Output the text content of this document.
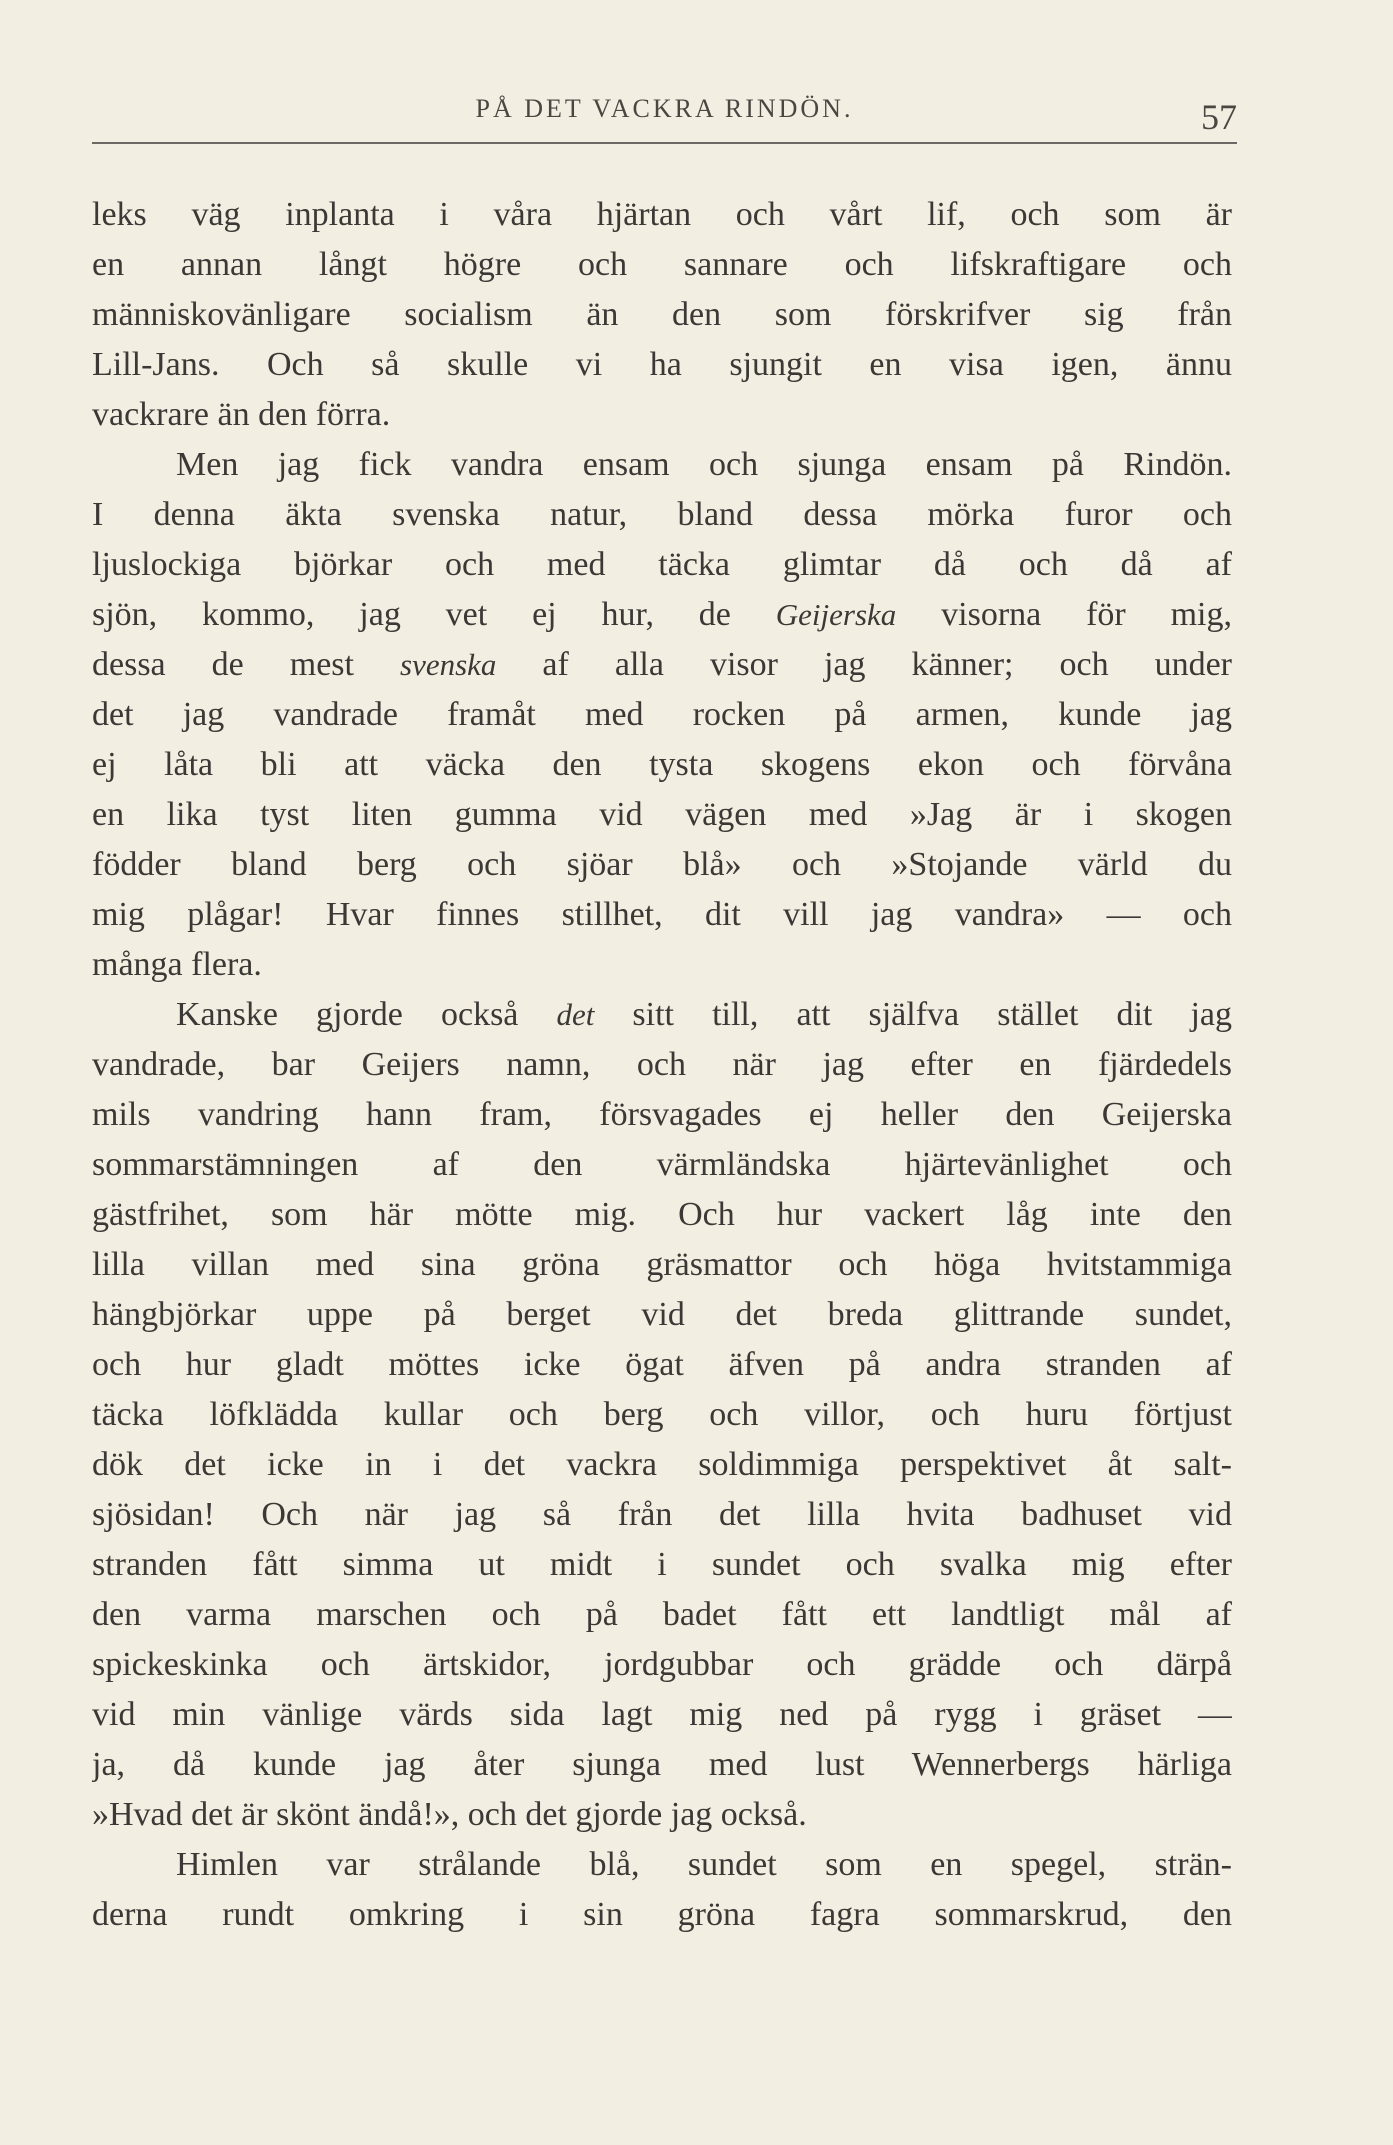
PÅ DET VACKRA RINDÖN.	57
leks väg inplanta i våra hjärtan och vårt lif, och som är
en annan långt högre och sannare och lifskraftigare och
människovänligare socialism än den som förskrifver sig från
Lill-Jans. Och så skulle vi ha sjungit en visa igen, ännu
vackrare än den förra.
Men jag fick vandra ensam och sjunga ensam på Rindön.
I denna äkta svenska natur, bland dessa mörka furor och
ljuslockiga björkar och med täcka glimtar då och då af
sjön, kommo, jag vet ej hur, de Geijerska visorna för mig,
dessa de mest svenska af alla visor jag känner; och under
det jag vandrade framåt med rocken på armen, kunde jag
ej låta bli att väcka den tysta skogens ekon och förvåna
en lika tyst liten gumma vid vägen med »Jag är i skogen
födder bland berg och sjöar blå» och »Stojande värld du
mig plågar! Hvar finnes stillhet, dit vill jag vandra» — och
många flera.
Kanske gjorde också det sitt till, att själfva stället dit jag
vandrade, bar Geijers namn, och när jag efter en fjärdedels
mils vandring hann fram, försvagades ej heller den Geijerska
sommarstämningen af den värmländska hjärtevänlighet och
gästfrihet, som här mötte mig. Och hur vackert låg inte den
lilla villan med sina gröna gräsmattor och höga hvitstammiga
hängbjörkar uppe på berget vid det breda glittrande sundet,
och hur gladt möttes icke ögat äfven på andra stranden af
täcka löfklädda kullar och berg och villor, och huru förtjust
dök det icke in i det vackra soldimmiga perspektivet åt salt-
sjösidan! Och när jag så från det lilla hvita badhuset vid
stranden fått simma ut midt i sundet och svalka mig efter
den varma marschen och på badet fått ett landtligt mål af
spickeskinka och ärtskidor, jordgubbar och grädde och därpå
vid min vänlige värds sida lagt mig ned på rygg i gräset —
ja, då kunde jag åter sjunga med lust Wennerbergs härliga
»Hvad det är skönt ändå!», och det gjorde jag också.
Himlen var strålande blå, sundet som en spegel, strän-
derna rundt omkring i sin gröna fagra sommarskrud, den
